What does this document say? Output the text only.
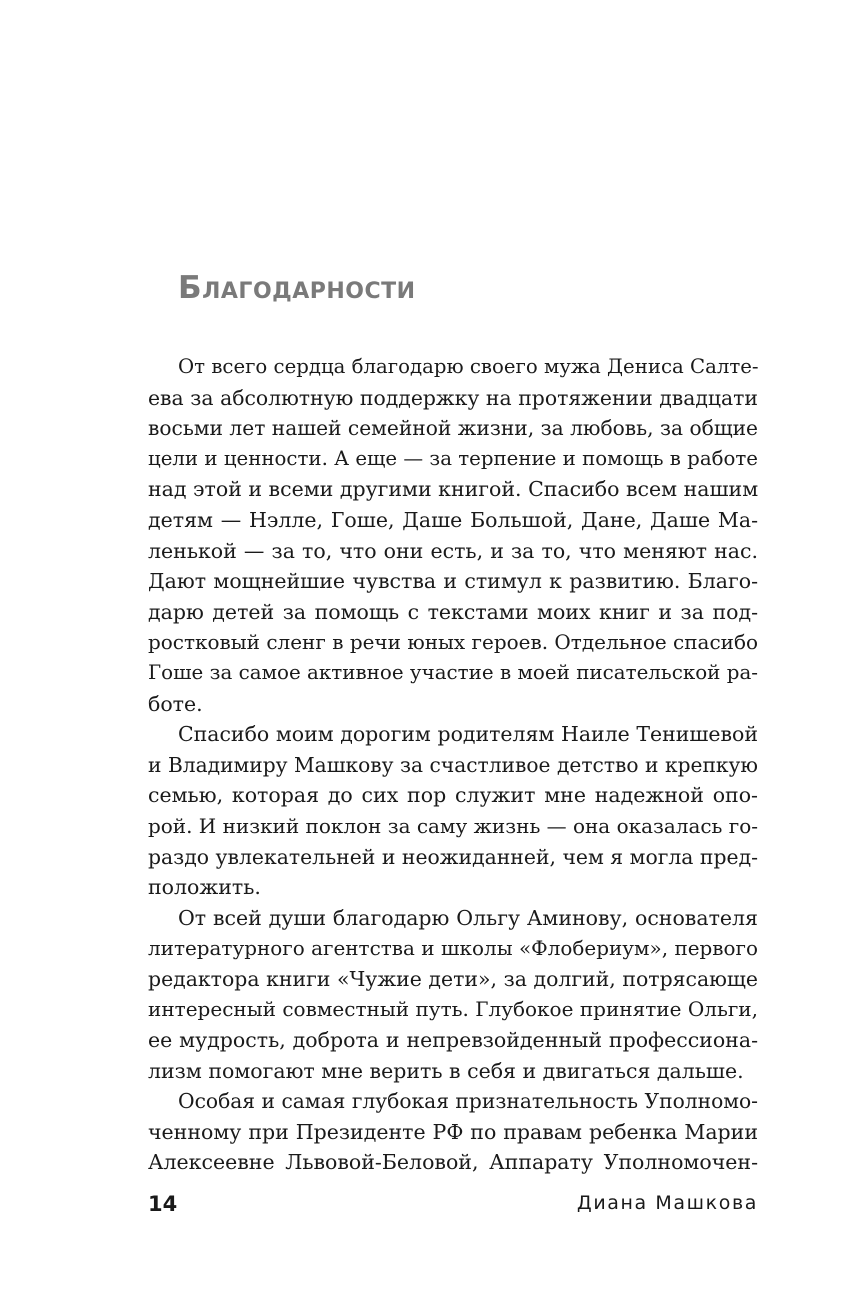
Благодарности
От всего сердца благодарю своего мужа Дениса Салте-
ева за абсолютную поддержку на протяжении двадцати
восьми лет нашей семейной жизни, за любовь, за общие
цели и ценности. А еще — за терпение и помощь в работе
над этой и всеми другими книгой. Спасибо всем нашим
детям — Нэлле, Гоше, Даше Большой, Дане, Даше Ма-
ленькой — за то, что они есть, и за то, что меняют нас.
Дают мощнейшие чувства и стимул к развитию. Благо-
дарю детей за помощь с текстами моих книг и за под-
ростковый сленг в речи юных героев. Отдельное спасибо
Гоше за самое активное участие в моей писательской ра-
боте.
Спасибо моим дорогим родителям Наиле Тенишевой
и Владимиру Машкову за счастливое детство и крепкую
семью, которая до сих пор служит мне надежной опо-
рой. И низкий поклон за саму жизнь — она оказалась го-
раздо увлекательней и неожиданней, чем я могла пред-
положить.
От всей души благодарю Ольгу Аминову, основателя
литературного агентства и школы «Флобериум», первого
редактора книги «Чужие дети», за долгий, потрясающе
интересный совместный путь. Глубокое принятие Ольги,
ее мудрость, доброта и непревзойденный профессиона-
лизм помогают мне верить в себя и двигаться дальше.
Особая и самая глубокая признательность Уполномо-
ченному при Президенте РФ по правам ребенка Марии
Алексеевне Львовой-Беловой, Аппарату Уполномочен-
14	Диана Машкова
